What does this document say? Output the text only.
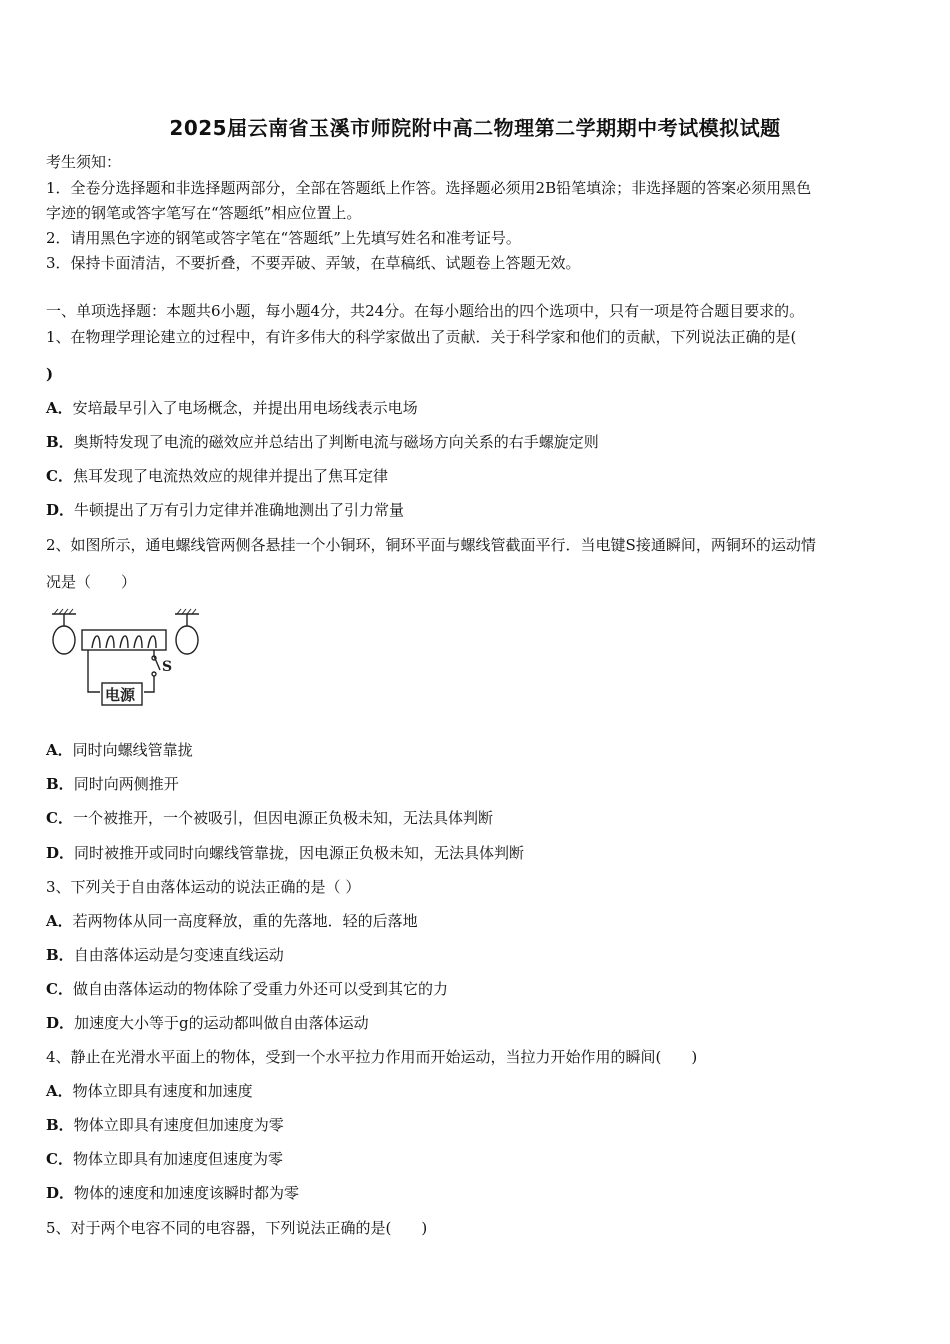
2025届云南省玉溪市师院附中高二物理第二学期期中考试模拟试题
考生须知：
1．全卷分选择题和非选择题两部分，全部在答题纸上作答。选择题必须用2B铅笔填涂；非选择题的答案必须用黑色
字迹的钢笔或答字笔写在“答题纸”相应位置上。
2．请用黑色字迹的钢笔或答字笔在“答题纸”上先填写姓名和准考证号。
3．保持卡面清洁，不要折叠，不要弄破、弄皱，在草稿纸、试题卷上答题无效。
一、单项选择题：本题共6小题，每小题4分，共24分。在每小题给出的四个选项中，只有一项是符合题目要求的。
1、在物理学理论建立的过程中，有许多伟大的科学家做出了贡献．关于科学家和他们的贡献，下列说法正确的是(
)
A．安培最早引入了电场概念，并提出用电场线表示电场
B．奥斯特发现了电流的磁效应并总结出了判断电流与磁场方向关系的右手螺旋定则
C．焦耳发现了电流热效应的规律并提出了焦耳定律
D．牛顿提出了万有引力定律并准确地测出了引力常量
2、如图所示，通电螺线管两侧各悬挂一个小铜环，铜环平面与螺线管截面平行．当电键S接通瞬间，两铜环的运动情
况是（　　）
S
电源
A．同时向螺线管靠拢
B．同时向两侧推开
C．一个被推开，一个被吸引，但因电源正负极未知，无法具体判断
D．同时被推开或同时向螺线管靠拢，因电源正负极未知，无法具体判断
3、下列关于自由落体运动的说法正确的是（ ）
A．若两物体从同一高度释放，重的先落地．轻的后落地
B．自由落体运动是匀变速直线运动
C．做自由落体运动的物体除了受重力外还可以受到其它的力
D．加速度大小等于g的运动都叫做自由落体运动
4、静止在光滑水平面上的物体，受到一个水平拉力作用而开始运动，当拉力开始作用的瞬间(　　)
A．物体立即具有速度和加速度
B．物体立即具有速度但加速度为零
C．物体立即具有加速度但速度为零
D．物体的速度和加速度该瞬时都为零
5、对于两个电容不同的电容器，下列说法正确的是(　　)
